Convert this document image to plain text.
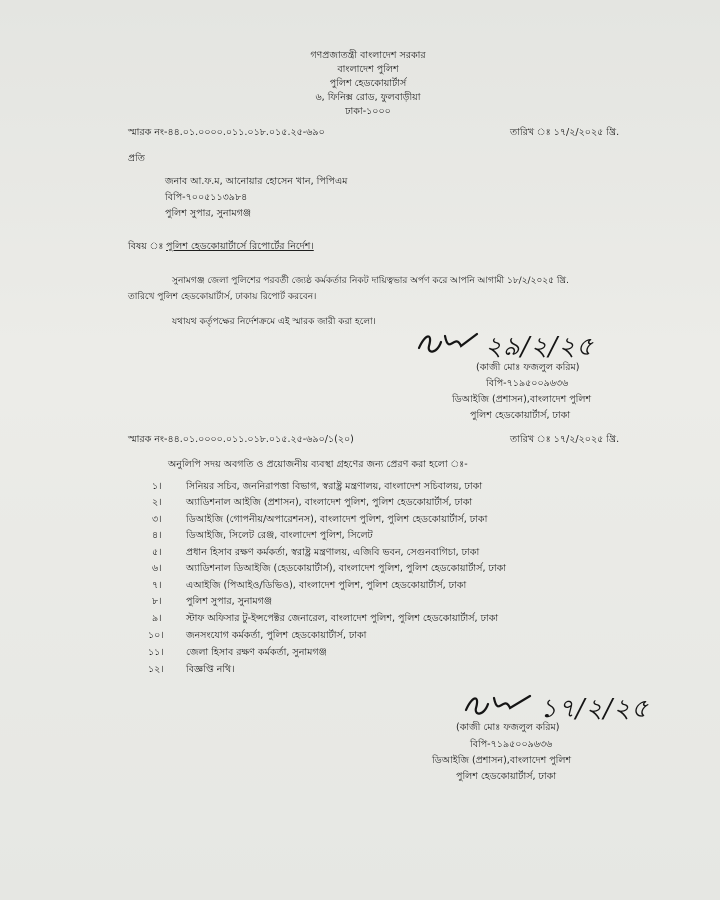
গণপ্রজাতন্ত্রী বাংলাদেশ সরকার
বাংলাদেশ পুলিশ
পুলিশ হেডকোয়ার্টার্স
৬, ফিনিক্স রোড, ফুলবাড়ীয়া
ঢাকা-১০০০
স্মারক নং-৪৪.০১.০০০০.০১১.০১৮.০১৫.২৫-৬৯০	তারিখ ঃ ১৭/২/২০২৫ খ্রি.
প্রতি
জনাব আ.ফ.ম, আনোয়ার হোসেন খান, পিপিএম
বিপি-৭০০৫১১৩৯৮৪
পুলিশ সুপার, সুনামগঞ্জ
বিষয় ঃ পুলিশ হেডকোয়ার্টার্সে রিপোর্টের নির্দেশ।
সুনামগঞ্জ জেলা পুলিশের পরবর্তী জ্যেষ্ঠ কর্মকর্তার নিকট দায়িত্বভার অর্পণ করে আপনি আগামী ১৮/২/২০২৫ খ্রি.
তারিখে পুলিশ হেডকোয়ার্টার্স, ঢাকায় রিপোর্ট করবেন।
যথাযথ কর্তৃপক্ষের নির্দেশক্রমে এই স্মারক জারী করা হলো।
২৯/২/২৫
(কাজী মোঃ ফজলুল করিম)
বিপি-৭১৯৫০০৯৬৩৬
ডিআইজি (প্রশাসন),বাংলাদেশ পুলিশ
পুলিশ হেডকোয়ার্টার্স, ঢাকা
স্মারক নং-৪৪.০১.০০০০.০১১.০১৮.০১৫.২৫-৬৯০/১(২০)	তারিখ ঃ ১৭/২/২০২৫ খ্রি.
অনুলিপি সদয় অবগতি ও প্রয়োজনীয় ব্যবস্থা গ্রহণের জন্য প্রেরণ করা হলো ঃ-
১।	সিনিয়র সচিব, জননিরাপত্তা বিভাগ, স্বরাষ্ট্র মন্ত্রণালয়, বাংলাদেশ সচিবালয়, ঢাকা
২।	অ্যাডিশনাল আইজি (প্রশাসন), বাংলাদেশ পুলিশ, পুলিশ হেডকোয়ার্টার্স, ঢাকা
৩।	ডিআইজি (গোপনীয়/অপারেশনস), বাংলাদেশ পুলিশ, পুলিশ হেডকোয়ার্টার্স, ঢাকা
৪।	ডিআইজি, সিলেট রেঞ্জ, বাংলাদেশ পুলিশ, সিলেট
৫।	প্রধান হিসাব রক্ষণ কর্মকর্তা, স্বরাষ্ট্র মন্ত্রণালয়, এজিবি ভবন, সেগুনবাগিচা, ঢাকা
৬।	অ্যাডিশনাল ডিআইজি (হেডকোয়ার্টার্স), বাংলাদেশ পুলিশ, পুলিশ হেডকোয়ার্টার্স, ঢাকা
৭।	এআইজি (পিআইও/ডিভিও), বাংলাদেশ পুলিশ, পুলিশ হেডকোয়ার্টার্স, ঢাকা
৮।	পুলিশ সুপার, সুনামগঞ্জ
৯।	স্টাফ অফিসার টু-ইন্সপেক্টর জেনারেল, বাংলাদেশ পুলিশ, পুলিশ হেডকোয়ার্টার্স, ঢাকা
১০। জনসংযোগ কর্মকর্তা, পুলিশ হেডকোয়ার্টার্স, ঢাকা
১১। জেলা হিসাব রক্ষণ কর্মকর্তা, সুনামগঞ্জ
১২। বিজ্ঞপ্তি নথি।
১৭/২/২৫
(কাজী মোঃ ফজলুল করিম)
বিপি-৭১৯৫০০৯৬৩৬
ডিআইজি (প্রশাসন),বাংলাদেশ পুলিশ
পুলিশ হেডকোয়ার্টার্স, ঢাকা
